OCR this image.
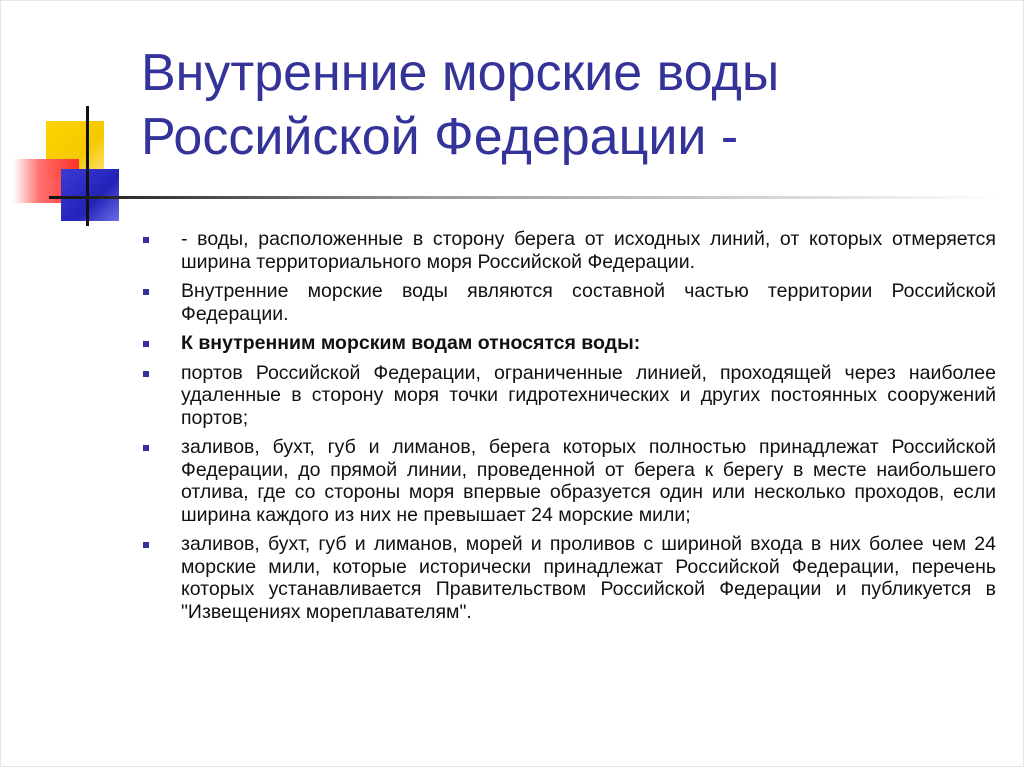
Внутренние морские воды
Российской Федерации -
- воды, расположенные в сторону берега от исходных линий, от которых отмеряется ширина территориального моря Российской Федерации.
Внутренние морские воды являются составной частью территории Российской Федерации.
К внутренним морским водам относятся воды:
портов Российской Федерации, ограниченные линией, проходящей через наиболее удаленные в сторону моря точки гидротехнических и других постоянных сооружений портов;
заливов, бухт, губ и лиманов, берега которых полностью принадлежат Российской Федерации, до прямой линии, проведенной от берега к берегу в месте наибольшего отлива, где со стороны моря впервые образуется один или несколько проходов, если ширина каждого из них не превышает 24 морские мили;
заливов, бухт, губ и лиманов, морей и проливов с шириной входа в них более чем 24 морские мили, которые исторически принадлежат Российской Федерации, перечень которых устанавливается Правительством Российской Федерации и публикуется в "Извещениях мореплавателям".
